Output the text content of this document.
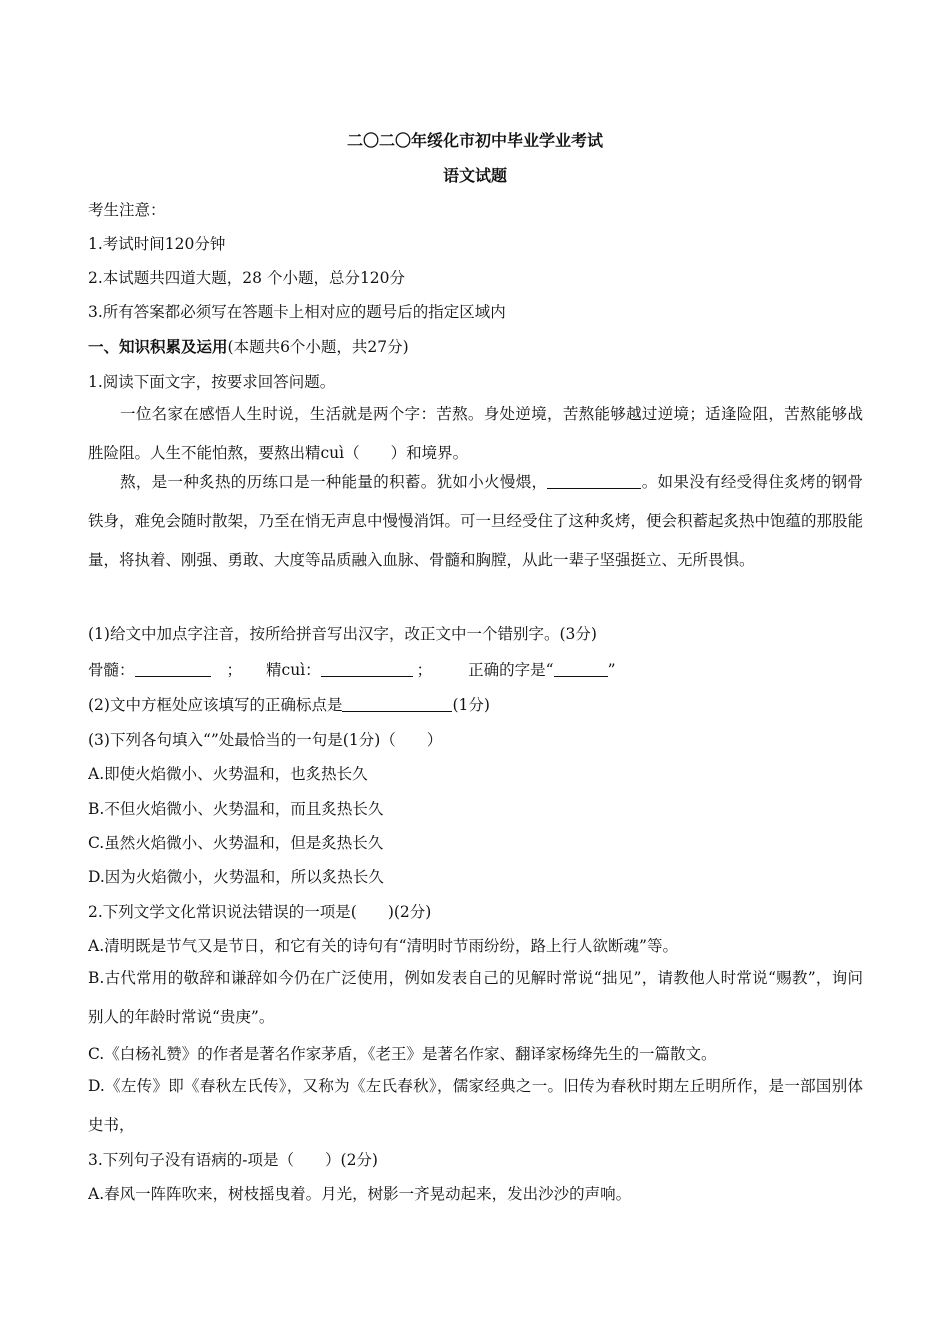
二〇二〇年绥化市初中毕业学业考试
语文试题
考生注意：
1.考试时间120分钟
2.本试题共四道大题，28 个小题，总分120分
3.所有答案都必须写在答题卡上相对应的题号后的指定区域内
一、知识积累及运用(本题共6个小题，共27分)
1.阅读下面文字，按要求回答问题。
一位名家在感悟人生时说，生活就是两个字：苦熬。身处逆境，苦熬能够越过逆境；适逢险阻，苦熬能够战胜险阻。人生不能怕熬，要熬出精cuì（　　）和境界。
熬，是一种炙热的历练口是一种能量的积蓄。犹如小火慢煨，	。如果没有经受得住炙烤的钢骨铁身，难免会随时散架，乃至在悄无声息中慢慢消饵。可一旦经受住了这种炙烤，便会积蓄起炙热中饱蕴的那股能量，将执着、刚强、勇敢、大度等品质融入血脉、骨髓和胸膛，从此一辈子坚强挺立、无所畏惧。
(1)给文中加点字注音，按所给拼音写出汉字，改正文中一个错别字。(3分)
骨髓：	； 精cuì：	； 正确的字是“	”
(2)文中方框处应该填写的正确标点是	(1分)
(3)下列各句填入“”处最恰当的一句是(1分)（　　）
A.即使火焰微小、火势温和，也炙热长久
B.不但火焰微小、火势温和，而且炙热长久
C.虽然火焰微小、火势温和，但是炙热长久
D.因为火焰微小，火势温和，所以炙热长久
2.下列文学文化常识说法错误的一项是(　　)(2分)
A.清明既是节气又是节日，和它有关的诗句有“清明时节雨纷纷，路上行人欲断魂”等。
B.古代常用的敬辞和谦辞如今仍在广泛使用，例如发表自己的见解时常说“拙见”，请教他人时常说“赐教”，询问别人的年龄时常说“贵庚”。
C.《白杨礼赞》的作者是著名作家茅盾，《老王》是著名作家、翻译家杨绛先生的一篇散文。
D.《左传》即《春秋左氏传》，又称为《左氏春秋》，儒家经典之一。旧传为春秋时期左丘明所作，是一部国别体史书，
3.下列句子没有语病的-项是（　　）(2分)
A.春风一阵阵吹来，树枝摇曳着。月光，树影一齐晃动起来，发出沙沙的声响。
